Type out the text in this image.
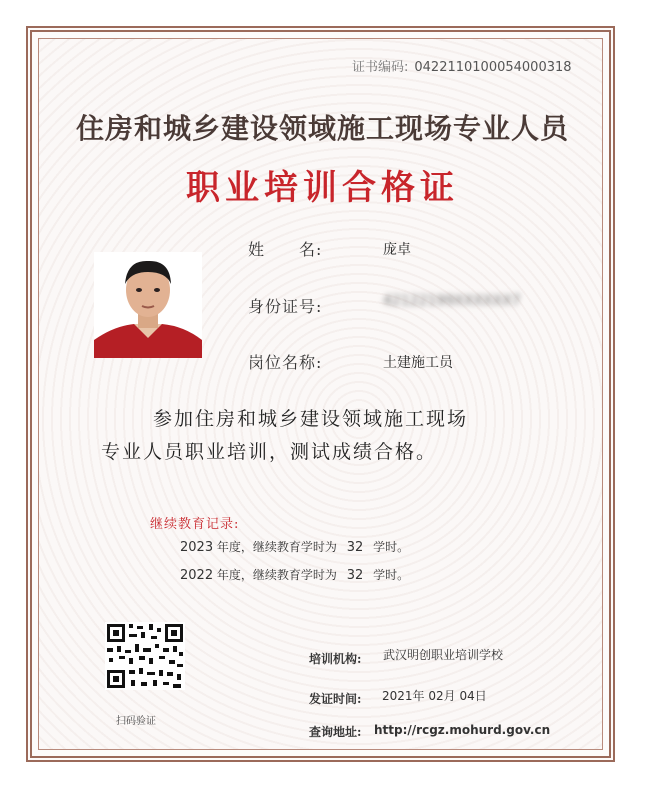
证书编码: 0422110100054000318
住房和城乡建设领域施工现场专业人员
职业培训合格证
姓　　名:	庞卓
身份证号:	42122199XXXXXX7
岗位名称:	土建施工员
参加住房和城乡建设领域施工现场
专业人员职业培训，测试成绩合格。
继续教育记录:
2023 年度，继续教育学时为 32 学时。
2022 年度，继续教育学时为 32 学时。
扫码验证
培训机构: 武汉明创职业培训学校
发证时间: 2021年 02月 04日
查询地址: http://rcgz.mohurd.gov.cn
